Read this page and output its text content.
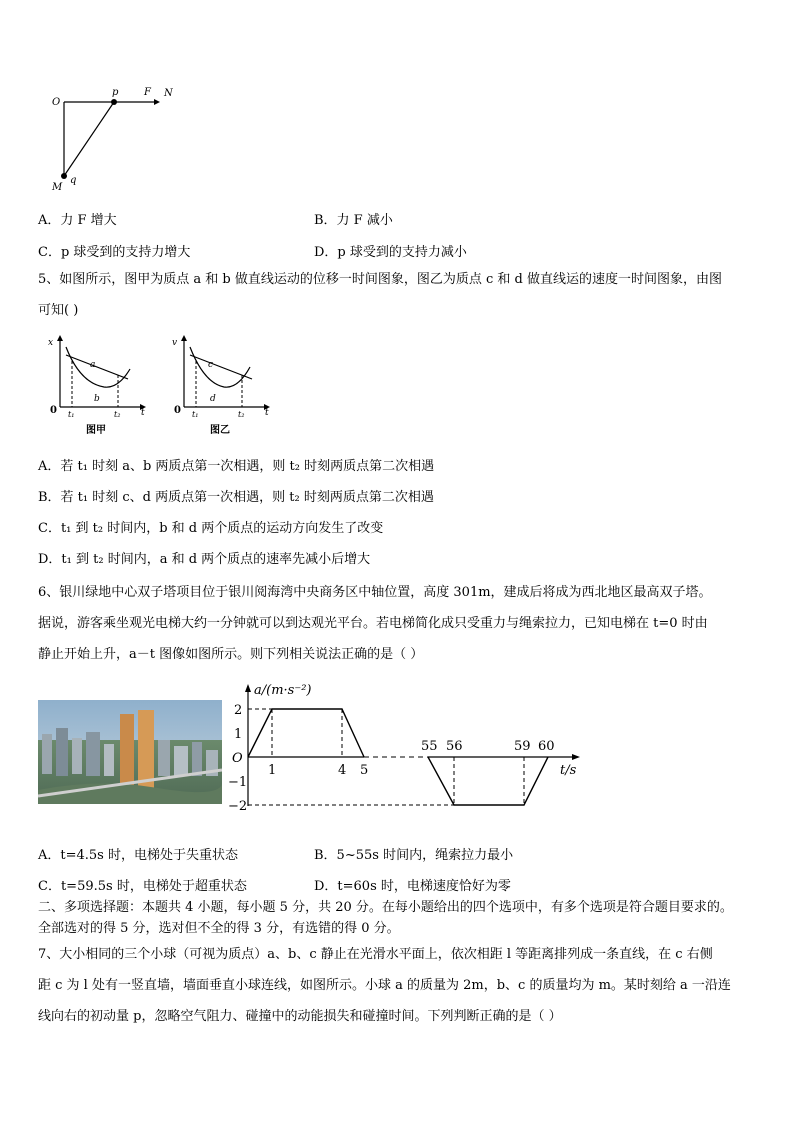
O
p	F N
M
q
A．力 F 增大	B．力 F 减小
C．p 球受到的支持力增大	D．p 球受到的支持力减小
5、如图所示，图甲为质点 a 和 b 做直线运动的位移一时间图象，图乙为质点 c 和 d 做直线运的速度一时间图象，由图
可知( )
x
0 t₁	t₂ t
a
b
图甲
v
0 t₁	t₂ t
c
d
图乙
A．若 t₁ 时刻 a、b 两质点第一次相遇，则 t₂ 时刻两质点第二次相遇
B．若 t₁ 时刻 c、d 两质点第一次相遇，则 t₂ 时刻两质点第二次相遇
C．t₁ 到 t₂ 时间内，b 和 d 两个质点的运动方向发生了改变
D．t₁ 到 t₂ 时间内，a 和 d 两个质点的速率先减小后增大
6、银川绿地中心双子塔项目位于银川阅海湾中央商务区中轴位置，高度 301m，建成后将成为西北地区最高双子塔。
据说，游客乘坐观光电梯大约一分钟就可以到达观光平台。若电梯简化成只受重力与绳索拉力，已知电梯在 t=0 时由
静止开始上升，a－t 图像如图所示。则下列相关说法正确的是（ ）
a/(m·s⁻²)
2
1
O
−1
−2
1	4 5
55 56	59 60
t/s
A．t=4.5s 时，电梯处于失重状态	B．5~55s 时间内，绳索拉力最小
C．t=59.5s 时，电梯处于超重状态	D．t=60s 时，电梯速度恰好为零
二、多项选择题：本题共 4 小题，每小题 5 分，共 20 分。在每小题给出的四个选项中，有多个选项是符合题目要求的。
全部选对的得 5 分，选对但不全的得 3 分，有选错的得 0 分。
7、大小相同的三个小球（可视为质点）a、b、c 静止在光滑水平面上，依次相距 l 等距离排列成一条直线，在 c 右侧
距 c 为 l 处有一竖直墙，墙面垂直小球连线，如图所示。小球 a 的质量为 2m，b、c 的质量均为 m。某时刻给 a 一沿连
线向右的初动量 p，忽略空气阻力、碰撞中的动能损失和碰撞时间。下列判断正确的是（ ）
